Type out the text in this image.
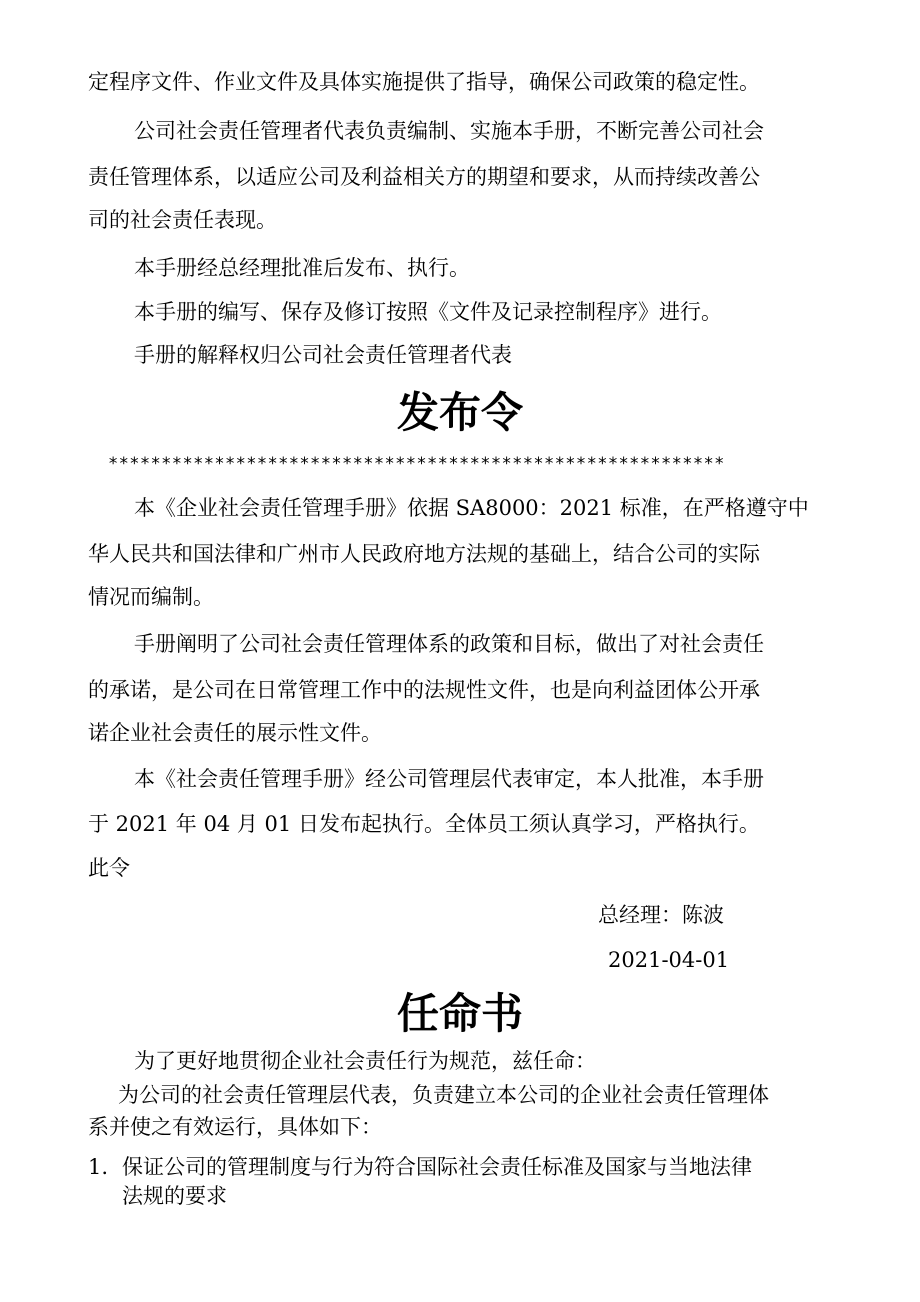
定程序文件、作业文件及具体实施提供了指导，确保公司政策的稳定性。
公司社会责任管理者代表负责编制、实施本手册，不断完善公司社会
责任管理体系，以适应公司及利益相关方的期望和要求，从而持续改善公
司的社会责任表现。
本手册经总经理批准后发布、执行。
本手册的编写、保存及修订按照《文件及记录控制程序》进行。
手册的解释权归公司社会责任管理者代表
发布令
**********************************************************
本《企业社会责任管理手册》依据 SA8000：2021 标准，在严格遵守中
华人民共和国法律和广州市人民政府地方法规的基础上，结合公司的实际
情况而编制。
手册阐明了公司社会责任管理体系的政策和目标，做出了对社会责任
的承诺，是公司在日常管理工作中的法规性文件，也是向利益团体公开承
诺企业社会责任的展示性文件。
本《社会责任管理手册》经公司管理层代表审定，本人批准，本手册
于 2021 年 04 月 01 日发布起执行。全体员工须认真学习，严格执行。
此令
总经理：陈波
2021-04-01
任命书
为了更好地贯彻企业社会责任行为规范，兹任命：
为公司的社会责任管理层代表，负责建立本公司的企业社会责任管理体
系并使之有效运行，具体如下：
1. 保证公司的管理制度与行为符合国际社会责任标准及国家与当地法律
法规的要求
